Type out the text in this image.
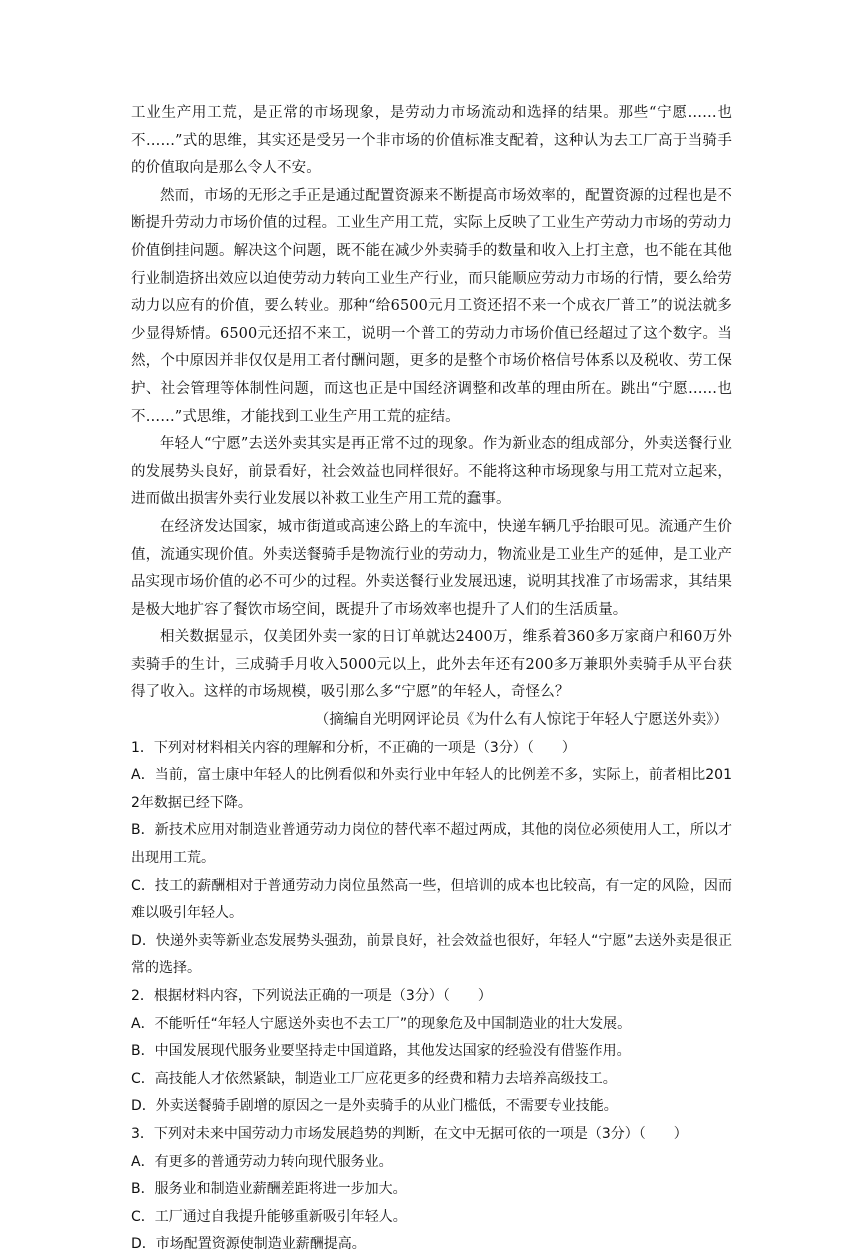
工业生产用工荒，是正常的市场现象，是劳动力市场流动和选择的结果。那些“宁愿……也不……”式的思维，其实还是受另一个非市场的价值标准支配着，这种认为去工厂高于当骑手的价值取向是那么令人不安。

然而，市场的无形之手正是通过配置资源来不断提高市场效率的，配置资源的过程也是不断提升劳动力市场价值的过程。工业生产用工荒，实际上反映了工业生产劳动力市场的劳动力价值倒挂问题。解决这个问题，既不能在减少外卖骑手的数量和收入上打主意，也不能在其他行业制造挤出效应以迫使劳动力转向工业生产行业，而只能顺应劳动力市场的行情，要么给劳动力以应有的价值，要么转业。那种“给6500元月工资还招不来一个成衣厂普工”的说法就多少显得矫情。6500元还招不来工，说明一个普工的劳动力市场价值已经超过了这个数字。当然，个中原因并非仅仅是用工者付酬问题，更多的是整个市场价格信号体系以及税收、劳工保护、社会管理等体制性问题，而这也正是中国经济调整和改革的理由所在。跳出“宁愿……也不……”式思维，才能找到工业生产用工荒的症结。

年轻人“宁愿”去送外卖其实是再正常不过的现象。作为新业态的组成部分，外卖送餐行业的发展势头良好，前景看好，社会效益也同样很好。不能将这种市场现象与用工荒对立起来，进而做出损害外卖行业发展以补救工业生产用工荒的蠢事。

在经济发达国家，城市街道或高速公路上的车流中，快递车辆几乎抬眼可见。流通产生价值，流通实现价值。外卖送餐骑手是物流行业的劳动力，物流业是工业生产的延伸，是工业产品实现市场价值的必不可少的过程。外卖送餐行业发展迅速，说明其找准了市场需求，其结果是极大地扩容了餐饮市场空间，既提升了市场效率也提升了人们的生活质量。

相关数据显示，仅美团外卖一家的日订单就达2400万，维系着360多万家商户和60万外卖骑手的生计，三成骑手月收入5000元以上，此外去年还有200多万兼职外卖骑手从平台获得了收入。这样的市场规模，吸引那么多“宁愿”的年轻人，奇怪么？

（摘编自光明网评论员《为什么有人惊诧于年轻人宁愿送外卖》）

1．下列对材料相关内容的理解和分析，不正确的一项是（3分）（　　）

A．当前，富士康中年轻人的比例看似和外卖行业中年轻人的比例差不多，实际上，前者相比2012年数据已经下降。

B．新技术应用对制造业普通劳动力岗位的替代率不超过两成，其他的岗位必须使用人工，所以才出现用工荒。

C．技工的薪酬相对于普通劳动力岗位虽然高一些，但培训的成本也比较高，有一定的风险，因而难以吸引年轻人。

D．快递外卖等新业态发展势头强劲，前景良好，社会效益也很好，年轻人“宁愿”去送外卖是很正常的选择。

2．根据材料内容，下列说法正确的一项是（3分）（　　）

A．不能听任“年轻人宁愿送外卖也不去工厂”的现象危及中国制造业的壮大发展。

B．中国发展现代服务业要坚持走中国道路，其他发达国家的经验没有借鉴作用。

C．高技能人才依然紧缺，制造业工厂应花更多的经费和精力去培养高级技工。

D．外卖送餐骑手剧增的原因之一是外卖骑手的从业门槛低，不需要专业技能。

3．下列对未来中国劳动力市场发展趋势的判断，在文中无据可依的一项是（3分）（　　）

A．有更多的普通劳动力转向现代服务业。

B．服务业和制造业薪酬差距将进一步加大。

C．工厂通过自我提升能够重新吸引年轻人。

D．市场配置资源使制造业薪酬提高。
